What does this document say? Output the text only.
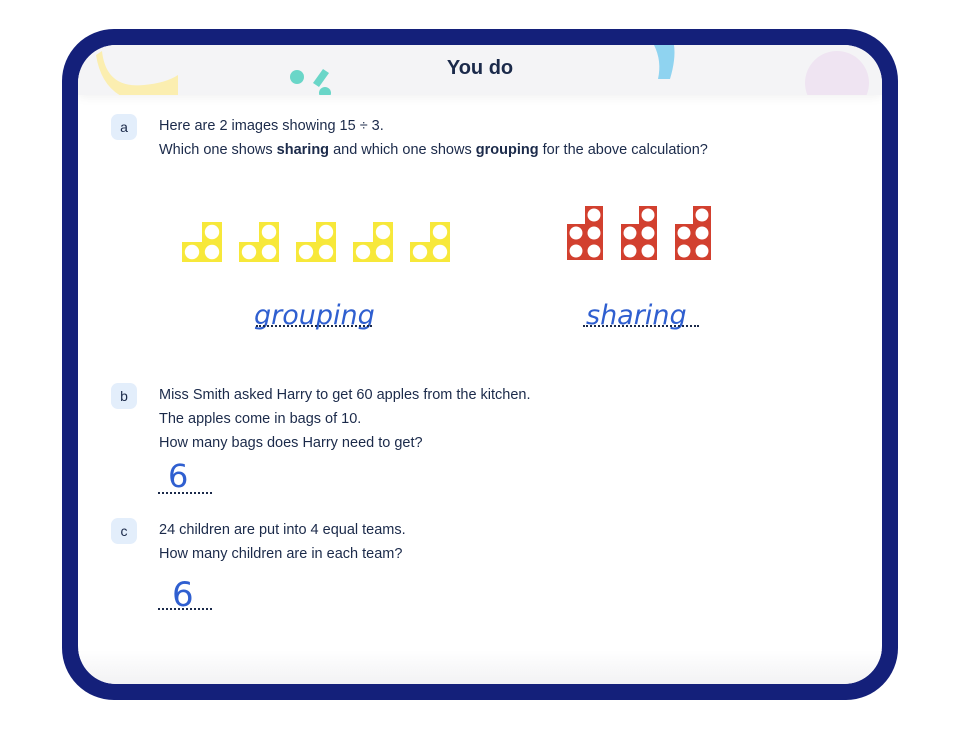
You do
a	Here are 2 images showing 15 ÷ 3.
Which one shows sharing and which one shows grouping for the above calculation?
grouping	sharing
b	Miss Smith asked Harry to get 60 apples from the kitchen.
The apples come in bags of 10.
How many bags does Harry need to get?
6
c	24 children are put into 4 equal teams.
How many children are in each team?
6
